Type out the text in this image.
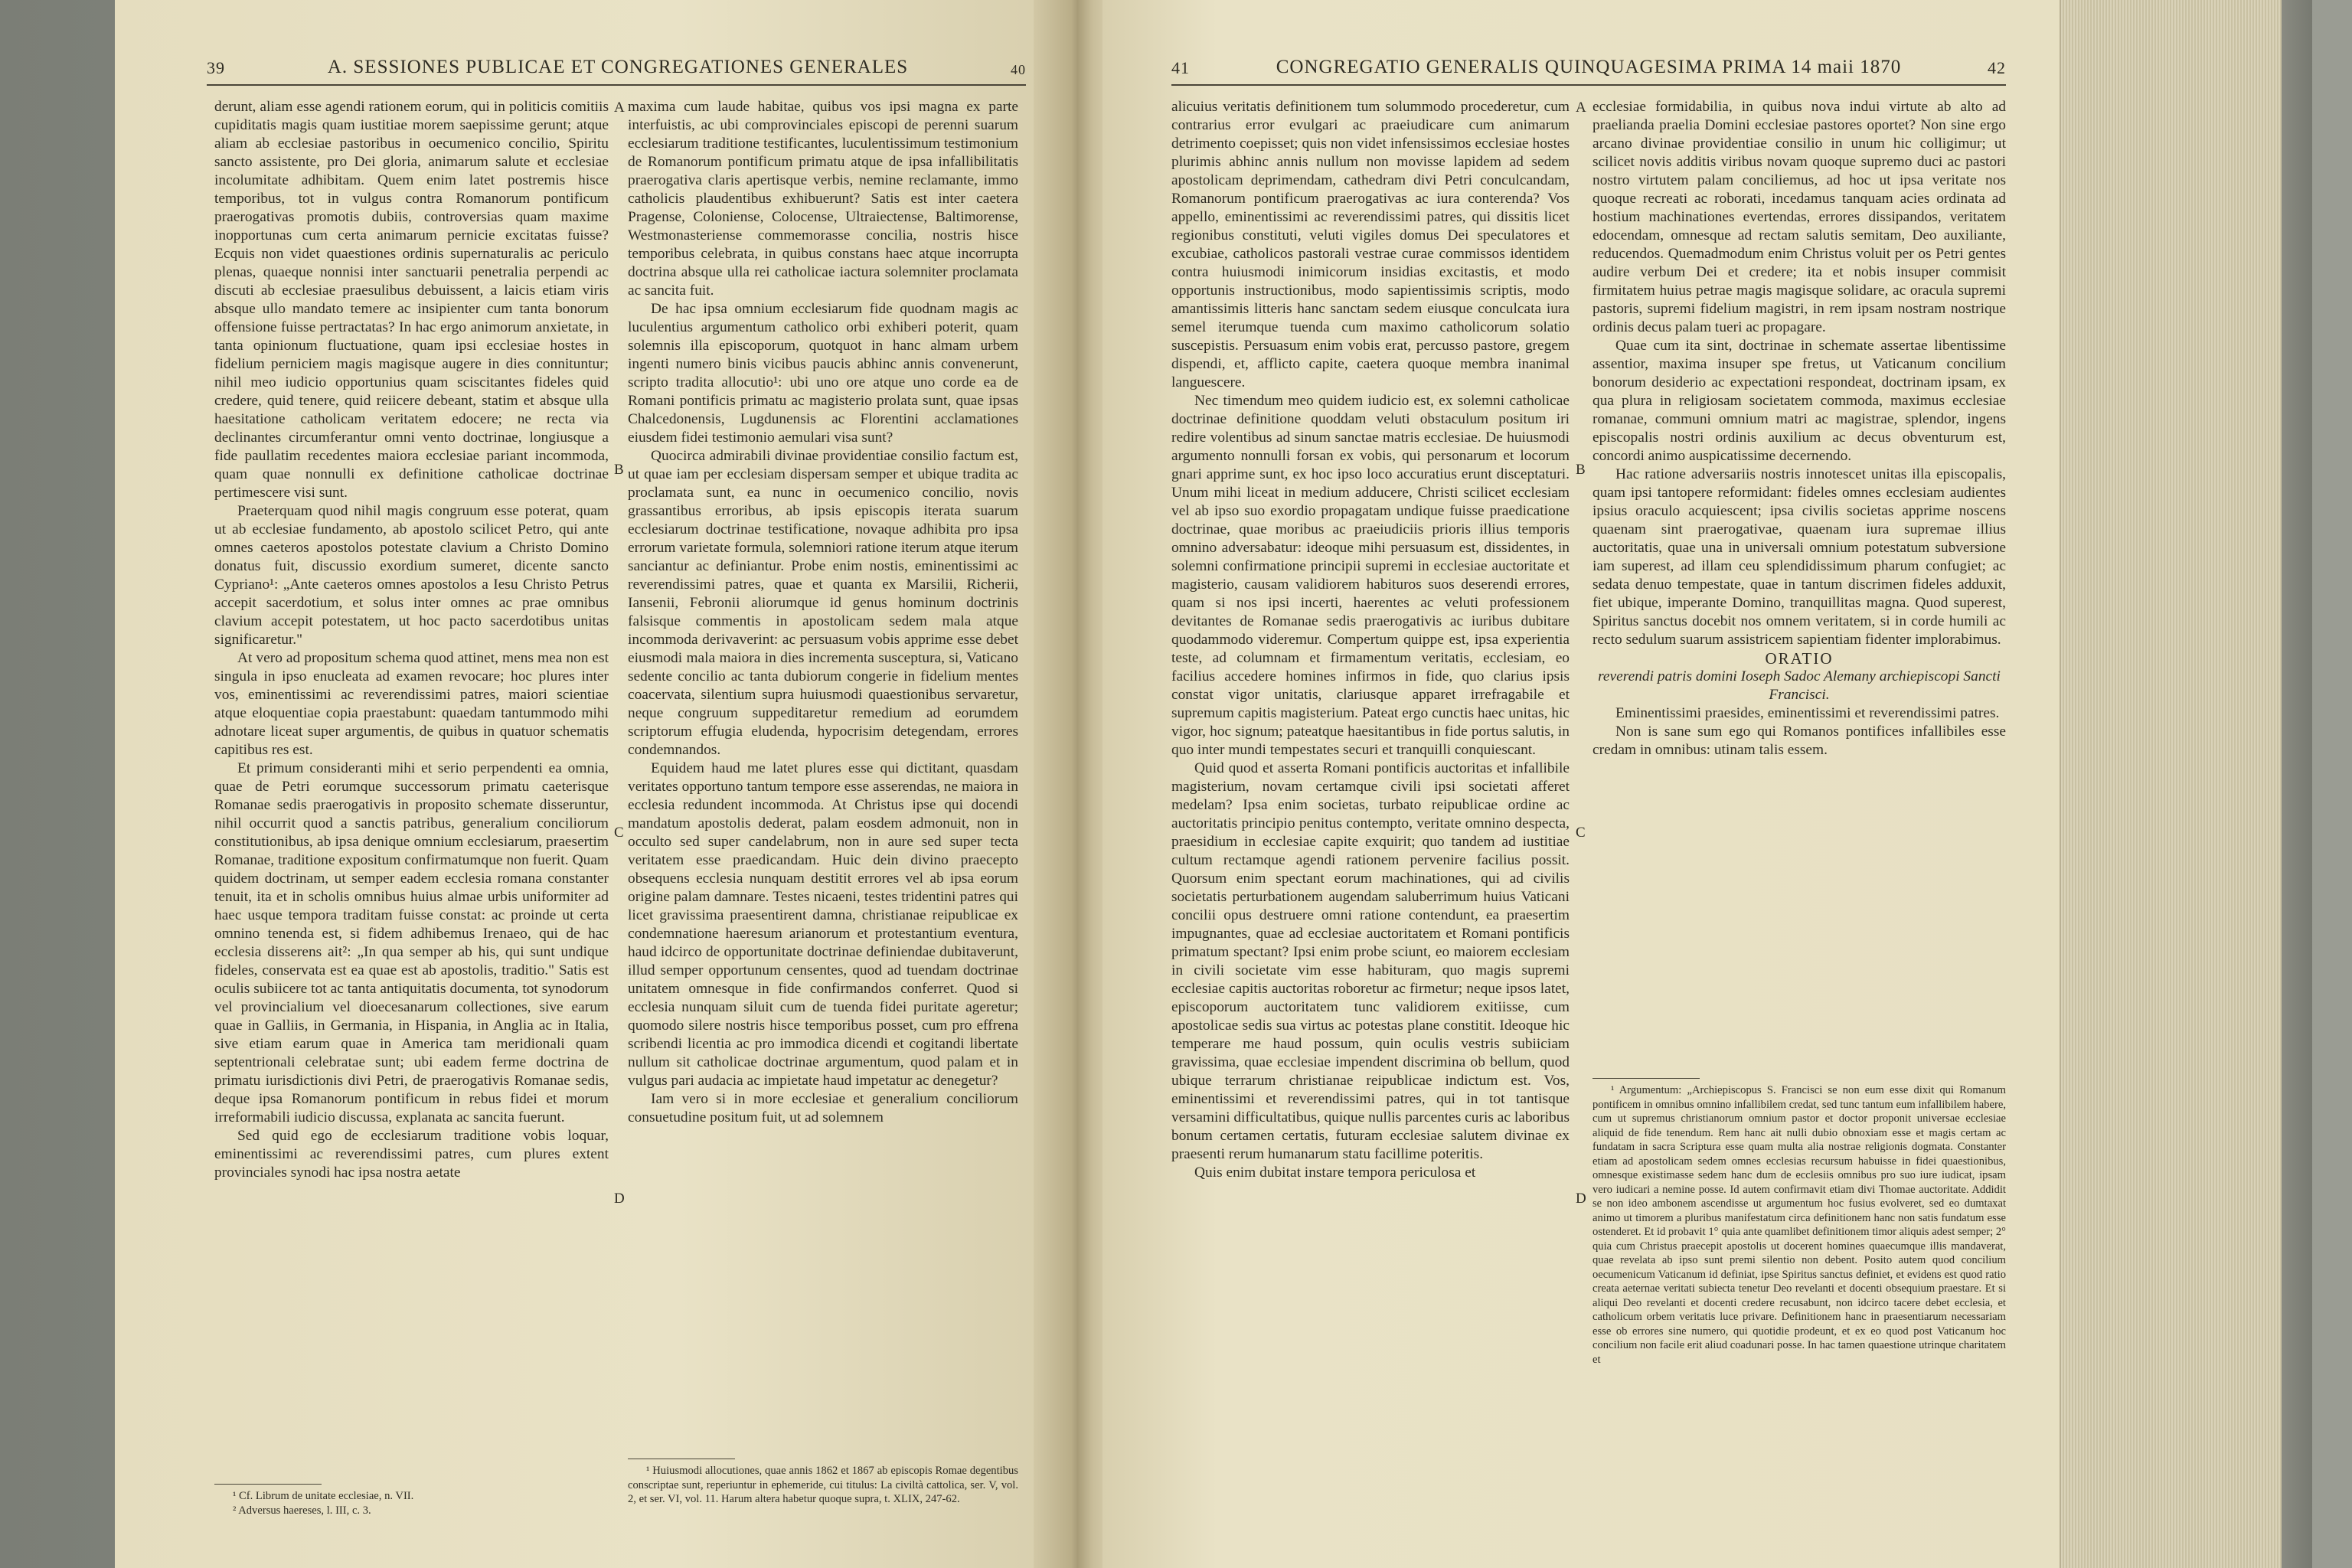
39	A. SESSIONES PUBLICAE ET CONGREGATIONES GENERALES	40

derunt, aliam esse agendi rationem eorum, qui in politicis comitiis cupiditatis magis quam iustitiae morem saepissime gerunt; atque aliam ab ecclesiae pastoribus in oecumenico concilio, Spiritu sancto assistente, pro Dei gloria, animarum salute et ecclesiae incolumitate adhibitam. Quem enim latet postremis hisce temporibus, tot in vulgus contra Romanorum pontificum praerogativas promotis dubiis, controversias quam maxime inopportunas cum certa animarum pernicie excitatas fuisse? Ecquis non videt quaestiones ordinis supernaturalis ac periculo plenas, quaeque nonnisi inter sanctuarii penetralia perpendi ac discuti ab ecclesiae praesulibus debuissent, a laicis etiam viris absque ullo mandato temere ac insipienter cum tanta bonorum offensione fuisse pertractatas? In hac ergo animorum anxietate, in tanta opinionum fluctuatione, quam ipsi ecclesiae hostes in fidelium perniciem magis magisque augere in dies connituntur; nihil meo iudicio opportunius quam sciscitantes fideles quid credere, quid tenere, quid reiicere debeant, statim et absque ulla haesitatione catholicam veritatem edocere; ne recta via declinantes circumferantur omni vento doctrinae, longiusque a fide paullatim recedentes maiora ecclesiae pariant incommoda, quam quae nonnulli ex definitione catholicae doctrinae pertimescere visi sunt.

Praeterquam quod nihil magis congruum esse poterat, quam ut ab ecclesiae fundamento, ab apostolo scilicet Petro, qui ante omnes caeteros apostolos potestate clavium a Christo Domino donatus fuit, discussio exordium sumeret, dicente sancto Cypriano¹: „Ante caeteros omnes apostolos a Iesu Christo Petrus accepit sacerdotium, et solus inter omnes ac prae omnibus clavium accepit potestatem, ut hoc pacto sacerdotibus unitas significaretur."

At vero ad propositum schema quod attinet, mens mea non est singula in ipso enucleata ad examen revocare; hoc plures inter vos, eminentissimi ac reverendissimi patres, maiori scientiae atque eloquentiae copia praestabunt: quaedam tantummodo mihi adnotare liceat super argumentis, de quibus in quatuor schematis capitibus res est.

Et primum consideranti mihi et serio perpendenti ea omnia, quae de Petri eorumque successorum primatu caeterisque Romanae sedis praerogativis in proposito schemate disseruntur, nihil occurrit quod a sanctis patribus, generalium conciliorum constitutionibus, ab ipsa denique omnium ecclesiarum, praesertim Romanae, traditione expositum confirmatumque non fuerit. Quam quidem doctrinam, ut semper eadem ecclesia romana constanter tenuit, ita et in scholis omnibus huius almae urbis uniformiter ad haec usque tempora traditam fuisse constat: ac proinde ut certa omnino tenenda est, si fidem adhibemus Irenaeo, qui de hac ecclesia disserens ait²: „In qua semper ab his, qui sunt undique fideles, conservata est ea quae est ab apostolis, traditio." Satis est oculis subiicere tot ac tanta antiquitatis documenta, tot synodorum vel provincialium vel dioecesanarum collectiones, sive earum quae in Galliis, in Germania, in Hispania, in Anglia ac in Italia, sive etiam earum quae in America tam meridionali quam septentrionali celebratae sunt; ubi eadem ferme doctrina de primatu iurisdictionis divi Petri, de praerogativis Romanae sedis, deque ipsa Romanorum pontificum in rebus fidei et morum irreformabili iudicio discussa, explanata ac sancita fuerunt.

Sed quid ego de ecclesiarum traditione vobis loquar, eminentissimi ac reverendissimi patres, cum plures extent provinciales synodi hac ipsa nostra aetate

¹ Cf. Librum de unitate ecclesiae, n. VII.

² Adversus haereses, l. III, c. 3.

A
B
C
D

maxima cum laude habitae, quibus vos ipsi magna ex parte interfuistis, ac ubi comprovinciales episcopi de perenni suarum ecclesiarum traditione testificantes, luculentissimum testimonium de Romanorum pontificum primatu atque de ipsa infallibilitatis praerogativa claris apertisque verbis, nemine reclamante, immo catholicis plaudentibus exhibuerunt? Satis est inter caetera Pragense, Coloniense, Colocense, Ultraiectense, Baltimorense, Westmonasteriense commemorasse concilia, nostris hisce temporibus celebrata, in quibus constans haec atque incorrupta doctrina absque ulla rei catholicae iactura solemniter proclamata ac sancita fuit.

De hac ipsa omnium ecclesiarum fide quodnam magis ac luculentius argumentum catholico orbi exhiberi poterit, quam solemnis illa episcoporum, quotquot in hanc almam urbem ingenti numero binis vicibus paucis abhinc annis convenerunt, scripto tradita allocutio¹: ubi uno ore atque uno corde ea de Romani pontificis primatu ac magisterio prolata sunt, quae ipsas Chalcedonensis, Lugdunensis ac Florentini acclamationes eiusdem fidei testimonio aemulari visa sunt?

Quocirca admirabili divinae providentiae consilio factum est, ut quae iam per ecclesiam dispersam semper et ubique tradita ac proclamata sunt, ea nunc in oecumenico concilio, novis grassantibus erroribus, ab ipsis episcopis iterata suarum ecclesiarum doctrinae testificatione, novaque adhibita pro ipsa errorum varietate formula, solemniori ratione iterum atque iterum sanciantur ac definiantur. Probe enim nostis, eminentissimi ac reverendissimi patres, quae et quanta ex Marsilii, Richerii, Iansenii, Febronii aliorumque id genus hominum doctrinis falsisque commentis in apostolicam sedem mala atque incommoda derivaverint: ac persuasum vobis apprime esse debet eiusmodi mala maiora in dies incrementa suscepturа, si, Vaticano sedente concilio ac tanta dubiorum congerie in fidelium mentes coacervata, silentium supra huiusmodi quaestionibus servaretur, neque congruum suppeditaretur remedium ad eorumdem scriptorum effugia eludenda, hypocrisim detegendam, errores condemnandos.

Equidem haud me latet plures esse qui dictitant, quasdam veritates opportuno tantum tempore esse asserendas, ne maiora in ecclesia redundent incommoda. At Christus ipse qui docendi mandatum apostolis dederat, palam eosdem admonuit, non in occulto sed super candelabrum, non in aure sed super tecta veritatem esse praedicandam. Huic dein divino praecepto obsequens ecclesia nunquam destitit errores vel ab ipsa eorum origine palam damnare. Testes nicaeni, testes tridentini patres qui licet gravissima praesentirent damna, christianae reipublicae ex condemnatione haeresum arianorum et protestantium eventura, haud idcirco de opportunitate doctrinae definiendae dubitaverunt, illud semper opportunum censentes, quod ad tuendam doctrinae unitatem omnesque in fide confirmandos conferret. Quod si ecclesia nunquam siluit cum de tuenda fidei puritate ageretur; quomodo silere nostris hisce temporibus posset, cum pro effrena scribendi licentia ac pro immodica dicendi et cogitandi libertate nullum sit catholicae doctrinae argumentum, quod palam et in vulgus pari audacia ac impietate haud impetatur ac denegetur?

Iam vero si in more ecclesiae et generalium conciliorum consuetudine positum fuit, ut ad solemnem

¹ Huiusmodi allocutiones, quae annis 1862 et 1867 ab episcopis Romae degentibus conscriptae sunt, reperiuntur in ephemeride, cui titulus: La civiltà cattolica, ser. V, vol. 2, et ser. VI, vol. 11. Harum altera habetur quoque supra, t. XLIX, 247-62.

41	CONGREGATIO GENERALIS QUINQUAGESIMA PRIMA 14 maii 1870	42

alicuius veritatis definitionem tum solummodo procederetur, cum contrarius error evulgari ac praeiudicare cum animarum detrimento coepisset; quis non videt infensissimos ecclesiae hostes plurimis abhinc annis nullum non movisse lapidem ad sedem apostolicam deprimendam, cathedram divi Petri conculcandam, Romanorum pontificum praerogativas ac iura conterenda? Vos appello, eminentissimi ac reverendissimi patres, qui dissitis licet regionibus constituti, veluti vigiles domus Dei speculatores et excubiae, catholicos pastorali vestrae curae commissos identidem contra huiusmodi inimicorum insidias excitastis, et modo opportunis instructionibus, modo sapientissimis scriptis, modo amantissimis litteris hanc sanctam sedem eiusque conculcata iura semel iterumque tuenda cum maximo catholicorum solatio suscepistis. Persuasum enim vobis erat, percusso pastore, gregem dispendi, et, afflicto capite, caetera quoque membra inanimal languescere.

Nec timendum meo quidem iudicio est, ex solemni catholicae doctrinae definitione quoddam veluti obstaculum positum iri redire volentibus ad sinum sanctae matris ecclesiae. De huiusmodi argumento nonnulli forsan ex vobis, qui personarum et locorum gnari apprime sunt, ex hoc ipso loco accuratius erunt disceptaturi. Unum mihi liceat in medium adducere, Christi scilicet ecclesiam vel ab ipso suo exordio propagatam undique fuisse praedicatione doctrinae, quae moribus ac praeiudiciis prioris illius temporis omnino adversabatur: ideoque mihi persuasum est, dissidentes, in solemni confirmatione principii supremi in ecclesiae auctoritate et magisterio, causam validiorem habituros suos deserendi errores, quam si nos ipsi incerti, haerentes ac veluti professionem devitantes de Romanae sedis praerogativis ac iuribus dubitare quodammodo videremur. Compertum quippe est, ipsa experientia teste, ad columnam et firmamentum veritatis, ecclesiam, eo facilius accedere homines infirmos in fide, quo clarius ipsis constat vigor unitatis, clariusque apparet irrefragabile et supremum capitis magisterium. Pateat ergo cunctis haec unitas, hic vigor, hoc signum; pateatque haesitantibus in fide portus salutis, in quo inter mundi tempestates securi et tranquilli conquiescant.

Quid quod et asserta Romani pontificis auctoritas et infallibile magisterium, novam certamque civili ipsi societati afferet medelam? Ipsa enim societas, turbato reipublicae ordine ac auctoritatis principio penitus contempto, veritate omnino despecta, praesidium in ecclesiae capite exquirit; quo tandem ad iustitiae cultum rectamque agendi rationem pervenire facilius possit. Quorsum enim spectant eorum machinationes, qui ad civilis societatis perturbationem augendam saluberrimum huius Vaticani concilii opus destruere omni ratione contendunt, ea praesertim impugnantes, quae ad ecclesiae auctoritatem et Romani pontificis primatum spectant? Ipsi enim probe sciunt, eo maiorem ecclesiam in civili societate vim esse habituram, quo magis supremi ecclesiae capitis auctoritas roboretur ac firmetur; neque ipsos latet, episcoporum auctoritatem tunc validiorem exitiisse, cum apostolicae sedis sua virtus ac potestas plane constitit. Ideoque hic temperare me haud possum, quin oculis vestris subiiciam gravissima, quae ecclesiae impendent discrimina ob bellum, quod ubique terrarum christianae reipublicae indictum est. Vos, eminentissimi et reverendissimi patres, qui in tot tantisque versamini difficultatibus, quique nullis parcentes curis ac laboribus bonum certamen certatis, futuram ecclesiae salutem divinae ex praesenti rerum humanarum statu facillime poteritis.

Quis enim dubitat instare tempora periculosa et

A
B
C
D

ecclesiae formidabilia, in quibus nova indui virtute ab alto ad praelianda praelia Domini ecclesiae pastores oportet? Non sine ergo arcano divinae providentiae consilio in unum hic colligimur; ut scilicet novis additis viribus novam quoque supremo duci ac pastori nostro virtutem palam conciliemus, ad hoc ut ipsa veritate nos quoque recreati ac roborati, incedamus tanquam acies ordinata ad hostium machinationes evertendas, errores dissipandos, veritatem edocendam, omnesque ad rectam salutis semitam, Deo auxiliante, reducendos. Quemadmodum enim Christus voluit per os Petri gentes audire verbum Dei et credere; ita et nobis insuper commisit firmitatem huius petrae magis magisque solidare, ac oracula supremi pastoris, supremi fidelium magistri, in rem ipsam nostram nostrique ordinis decus palam tueri ac propagare.

Quae cum ita sint, doctrinae in schemate assertae libentissime assentior, maxima insuper spe fretus, ut Vaticanum concilium bonorum desiderio ac expectationi respondeat, doctrinam ipsam, ex qua plura in religiosam societatem commoda, maximus ecclesiae romanae, communi omnium matri ac magistrae, splendor, ingens episcopalis nostri ordinis auxilium ac decus obventurum est, concordi animo auspicatissime decernendo.

Hac ratione adversariis nostris innotescet unitas illa episcopalis, quam ipsi tantopere reformidant: fideles omnes ecclesiam audientes ipsius oraculo acquiescent; ipsa civilis societas apprime noscens quaenam sint praerogativae, quaenam iura supremae illius auctoritatis, quae una in universali omnium potestatum subversione iam superest, ad illam ceu splendidissimum pharum confugiet; ac sedata denuo tempestate, quae in tantum discrimen fideles adduxit, fiet ubique, imperante Domino, tranquillitas magna. Quod superest, Spiritus sanctus docebit nos omnem veritatem, si in corde humili ac recto sedulum suarum assistricem sapientiam fidenter implorabimus.

ORATIO

reverendi patris domini Ioseph Sadoc Alemany archiepiscopi Sancti Francisci.

Eminentissimi praesides, eminentissimi et reverendissimi patres.

Non is sane sum ego qui Romanos pontifices infallibiles esse credam in omnibus: utinam talis essem.

¹ Argumentum: „Archiepiscopus S. Francisci se non eum esse dixit qui Romanum pontificem in omnibus omnino infallibilem credat, sed tunc tantum eum infallibilem habere, cum ut supremus christianorum omnium pastor et doctor proponit universae ecclesiae aliquid de fide tenendum. Rem hanc ait nulli dubio obnoxiam esse et magis certam ac fundatam in sacra Scriptura esse quam multa alia nostrae religionis dogmata. Constanter etiam ad apostolicam sedem omnes ecclesias recursum habuisse in fidei quaestionibus, omnesque existimasse sedem hanc dum de ecclesiis omnibus pro suo iure iudicat, ipsam vero iudicari a nemine posse. Id autem confirmavit etiam divi Thomae auctoritate. Addidit se non ideo ambonem ascendisse ut argumentum hoc fusius evolveret, sed eo dumtaxat animo ut timorem a pluribus manifestatum circa definitionem hanc non satis fundatum esse ostenderet. Et id probavit 1° quia ante quamlibet definitionem timor aliquis adest semper; 2° quia cum Christus praecepit apostolis ut docerent homines quaecumque illis mandaverat, quae revelata ab ipso sunt premi silentio non debent. Posito autem quod concilium oecumenicum Vaticanum id definiat, ipse Spiritus sanctus definiet, et evidens est quod ratio creata aeternae veritati subiecta tenetur Deo revelanti et docenti obsequium praestare. Et si aliqui Deo revelanti et docenti credere recusabunt, non idcirco tacere debet ecclesia, et catholicum orbem veritatis luce privare. Definitionem hanc in praesentiarum necessariam esse ob errores sine numero, qui quotidie prodeunt, et ex eo quod post Vaticanum hoc concilium non facile erit aliud coadunari posse. In hac tamen quaestione utrinque charitatem et
